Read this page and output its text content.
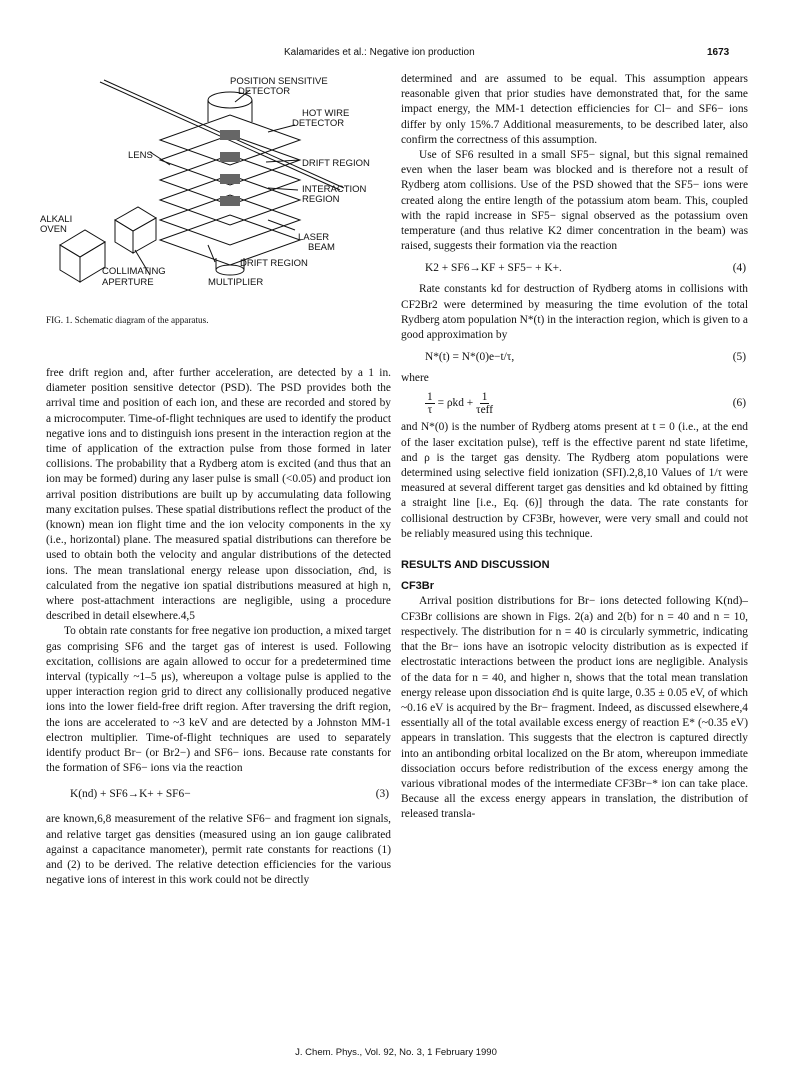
Kalamarides et al.: Negative ion production	1673
POSITION SENSITIVE
DETECTOR
HOT WIRE
DETECTOR
LENS
DRIFT REGION
INTERACTION
REGION
ALKALI
OVEN
LASER
BEAM
DRIFT REGION
COLLIMATING
APERTURE	MULTIPLIER
FIG. 1. Schematic diagram of the apparatus.

free drift region and, after further acceleration, are detected by a 1 in. diameter position sensitive detector (PSD). The PSD provides both the arrival time and position of each ion, and these are recorded and stored by a microcomputer. Time-of-flight techniques are used to identify the product negative ions and to distinguish ions present in the interaction region at the time of application of the extraction pulse from those formed in later collisions. The probability that a Rydberg atom is excited (and thus that an ion may be formed) during any laser pulse is small (<0.05) and product ion arrival position distributions are built up by accumulating data following many excitation pulses. These spatial distributions reflect the product of the (known) mean ion flight time and the ion velocity components in the xy (i.e., horizontal) plane. The measured spatial distributions can therefore be used to obtain both the velocity and angular distributions of the detected ions. The mean translational energy release upon dissociation, ε̄nd, is calculated from the negative ion spatial distributions measured at high n, where post-attachment interactions are negligible, using a procedure described in detail elsewhere.4,5

To obtain rate constants for free negative ion production, a mixed target gas comprising SF6 and the target gas of interest is used. Following excitation, collisions are again allowed to occur for a predetermined time interval (typically ~1–5 μs), whereupon a voltage pulse is applied to the upper interaction region grid to direct any collisionally produced negative ions into the lower field-free drift region. After traversing the drift region, the ions are accelerated to ~3 keV and are detected by a Johnston MM-1 electron multiplier. Time-of-flight techniques are used to separately identify product Br− (or Br2−) and SF6− ions. Because rate constants for the formation of SF6− ions via the reaction

K(nd) + SF6→K+ + SF6−	(3)

are known,6,8 measurement of the relative SF6− and fragment ion signals, and relative target gas densities (measured using an ion gauge calibrated against a capacitance manometer), permit rate constants for reactions (1) and (2) to be derived. The relative detection efficiencies for the various negative ions of interest in this work could not be directly

determined and are assumed to be equal. This assumption appears reasonable given that prior studies have demonstrated that, for the same impact energy, the MM-1 detection efficiencies for Cl− and SF6− ions differ by only 15%.7 Additional measurements, to be described later, also confirm the correctness of this assumption.

Use of SF6 resulted in a small SF5− signal, but this signal remained even when the laser beam was blocked and is therefore not a result of Rydberg atom collisions. Use of the PSD showed that the SF5− ions were created along the entire length of the potassium atom beam. This, coupled with the rapid increase in SF5− signal observed as the potassium oven temperature (and thus relative K2 dimer concentration in the beam) was raised, suggests their formation via the reaction

K2 + SF6→KF + SF5− + K+.	(4)

Rate constants kd for destruction of Rydberg atoms in collisions with CF2Br2 were determined by measuring the time evolution of the total Rydberg atom population N*(t) in the interaction region, which is given to a good approximation by

N*(t) = N*(0)e−t/τ,	(5)

where

$\frac{1}{\tau} = \rho kd + \frac{1}{\text{τeff}}$	(6)

and N*(0) is the number of Rydberg atoms present at t = 0 (i.e., at the end of the laser excitation pulse), τeff is the effective parent nd state lifetime, and ρ is the target gas density. The Rydberg atom populations were determined using selective field ionization (SFI).2,8,10 Values of 1/τ were measured at several different target gas densities and kd obtained by fitting a straight line [i.e., Eq. (6)] through the data. The rate constants for collisional destruction by CF3Br, however, were very small and could not be reliably measured using this technique.

RESULTS AND DISCUSSION

CF3Br

Arrival position distributions for Br− ions detected following K(nd)–CF3Br collisions are shown in Figs. 2(a) and 2(b) for n = 40 and n = 10, respectively. The distribution for n = 40 is circularly symmetric, indicating that the Br− ions have an isotropic velocity distribution as is expected if electrostatic interactions between the product ions are negligible. Analysis of the data for n = 40, and higher n, shows that the total mean translation energy release upon dissociation ε̄nd is quite large, 0.35 ± 0.05 eV, of which ~0.16 eV is acquired by the Br− fragment. Indeed, as discussed elsewhere,4 essentially all of the total available excess energy of reaction E* (~0.35 eV) appears in translation. This suggests that the electron is captured directly into an antibonding orbital localized on the Br atom, whereupon immediate dissociation occurs before redistribution of the excess energy among the various vibrational modes of the intermediate CF3Br−* ion can take place. Because all the excess energy appears in translation, the distribution of released transla-

J. Chem. Phys., Vol. 92, No. 3, 1 February 1990
